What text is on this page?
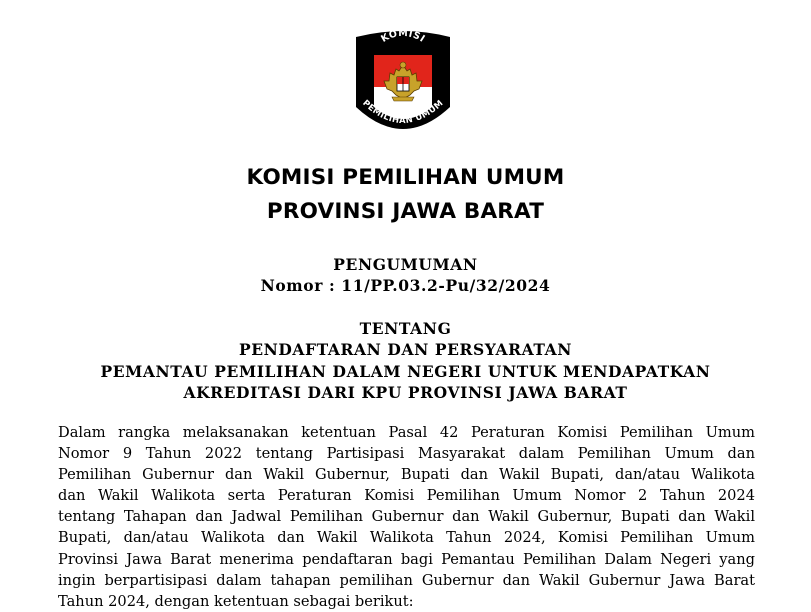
KOMISI
PEMILIHAN UMUM
KOMISI PEMILIHAN UMUM
PROVINSI JAWA BARAT
PENGUMUMAN
Nomor : 11/PP.03.2-Pu/32/2024
TENTANG
PENDAFTARAN DAN PERSYARATAN
PEMANTAU PEMILIHAN DALAM NEGERI UNTUK MENDAPATKAN
AKREDITASI DARI KPU PROVINSI JAWA BARAT
Dalam rangka melaksanakan ketentuan Pasal 42 Peraturan Komisi Pemilihan Umum
Nomor 9 Tahun 2022 tentang Partisipasi Masyarakat dalam Pemilihan Umum dan
Pemilihan Gubernur dan Wakil Gubernur, Bupati dan Wakil Bupati, dan/atau Walikota
dan Wakil Walikota serta Peraturan Komisi Pemilihan Umum Nomor 2 Tahun 2024
tentang Tahapan dan Jadwal Pemilihan Gubernur dan Wakil Gubernur, Bupati dan Wakil
Bupati, dan/atau Walikota dan Wakil Walikota Tahun 2024, Komisi Pemilihan Umum
Provinsi Jawa Barat menerima pendaftaran bagi Pemantau Pemilihan Dalam Negeri yang
ingin berpartisipasi dalam tahapan pemilihan Gubernur dan Wakil Gubernur Jawa Barat
Tahun 2024, dengan ketentuan sebagai berikut:
